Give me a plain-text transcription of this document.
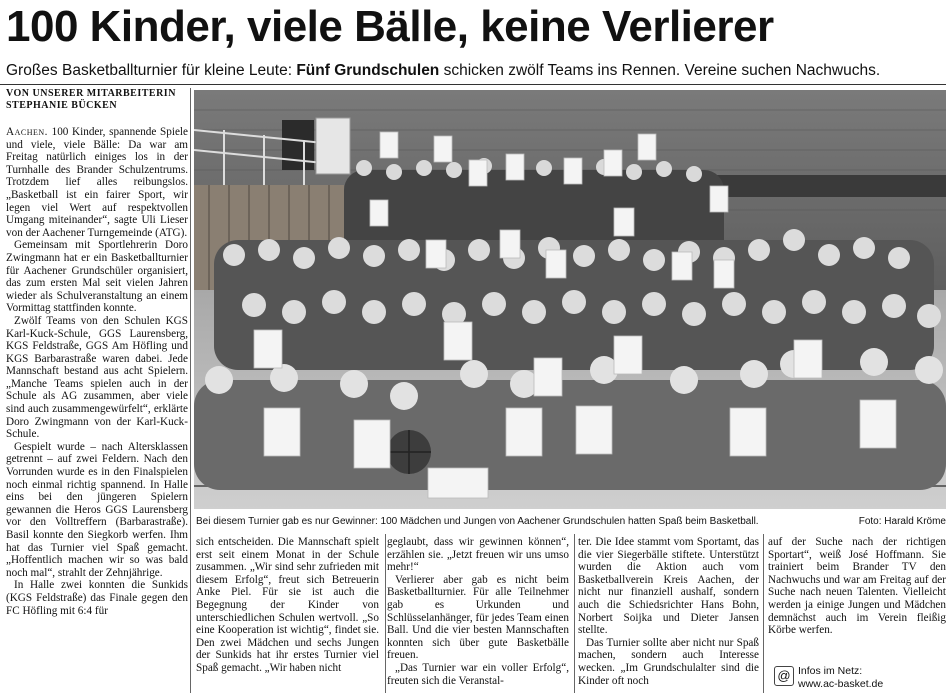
100 Kinder, viele Bälle, keine Verlierer
Großes Basketballturnier für kleine Leute: Fünf Grundschulen schicken zwölf Teams ins Rennen. Vereine suchen Nachwuchs.
VON UNSERER MITARBEITERIN
STEPHANIE BÜCKEN

Aachen. 100 Kinder, spannende Spiele und viele, viele Bälle: Da war am Freitag natürlich einiges los in der Turnhalle des Brander Schulzentrums. Trotzdem lief alles reibungslos. „Basketball ist ein fairer Sport, wir legen viel Wert auf respektvollen Umgang miteinander“, sagte Uli Lieser von der Aachener Turngemeinde (ATG).

Gemeinsam mit Sportlehrerin Doro Zwingmann hat er ein Basketballturnier für Aachener Grundschüler organisiert, das zum ersten Mal seit vielen Jahren wieder als Schulveranstaltung an einem Vormittag stattfinden konnte.

Zwölf Teams von den Schulen KGS Karl-Kuck-Schule, GGS Laurensberg, KGS Feldstraße, GGS Am Höfling und KGS Barbarastraße waren dabei. Jede Mannschaft bestand aus acht Spielern. „Manche Teams spielen auch in der Schule als AG zusammen, aber viele sind auch zusammengewürfelt“, erklärte Doro Zwingmann von der Karl-Kuck-Schule.

Gespielt wurde – nach Altersklassen getrennt – auf zwei Feldern. Nach den Vorrunden wurde es in den Finalspielen noch einmal richtig spannend. In Halle eins bei den jüngeren Spielern gewannen die Heros GGS Laurensberg vor den Volltreffern (Barbarastraße). Basil konnte den Siegkorb werfen. Ihm hat das Turnier viel Spaß gemacht. „Hoffentlich machen wir so was bald noch mal“, strahlt der Zehnjährige.

In Halle zwei konnten die Sunkids (KGS Feldstraße) das Finale gegen den FC Höfling mit 6:4 für

Bei diesem Turnier gab es nur Gewinner: 100 Mädchen und Jungen von Aachener Grundschulen hatten Spaß beim Basketball.	Foto: Harald Kröme

sich entscheiden. Die Mannschaft spielt erst seit einem Monat in der Schule zusammen. „Wir sind sehr zufrieden mit diesem Erfolg“, freut sich Betreuerin Anke Piel. Für sie ist auch die Begegnung der Kinder von unterschiedlichen Schulen wertvoll. „So eine Kooperation ist wichtig“, findet sie. Den zwei Mädchen und sechs Jungen der Sunkids hat ihr erstes Turnier viel Spaß gemacht. „Wir haben nicht

geglaubt, dass wir gewinnen können“, erzählen sie. „Jetzt freuen wir uns umso mehr!“

Verlierer aber gab es nicht beim Basketballturnier. Für alle Teilnehmer gab es Urkunden und Schlüsselanhänger, für jedes Team einen Ball. Und die vier besten Mannschaften konnten sich über gute Basketbälle freuen.

„Das Turnier war ein voller Erfolg“, freuten sich die Veranstal-

ter. Die Idee stammt vom Sportamt, das die vier Siegerbälle stiftete. Unterstützt wurden die Aktion auch vom Basketballverein Kreis Aachen, der nicht nur finanziell aushalf, sondern auch die Schiedsrichter Hans Bohn, Norbert Soijka und Dieter Jansen stellte.

Das Turnier sollte aber nicht nur Spaß machen, sondern auch Interesse wecken. „Im Grundschulalter sind die Kinder oft noch

auf der Suche nach der richtigen Sportart“, weiß José Hoffmann. Sie trainiert beim Brander TV den Nachwuchs und war am Freitag auf der Suche nach neuen Talenten. Vielleicht werden ja einige Jungen und Mädchen demnächst auch im Verein fleißig Körbe werfen.

@ Infos im Netz:
www.ac-basket.de
